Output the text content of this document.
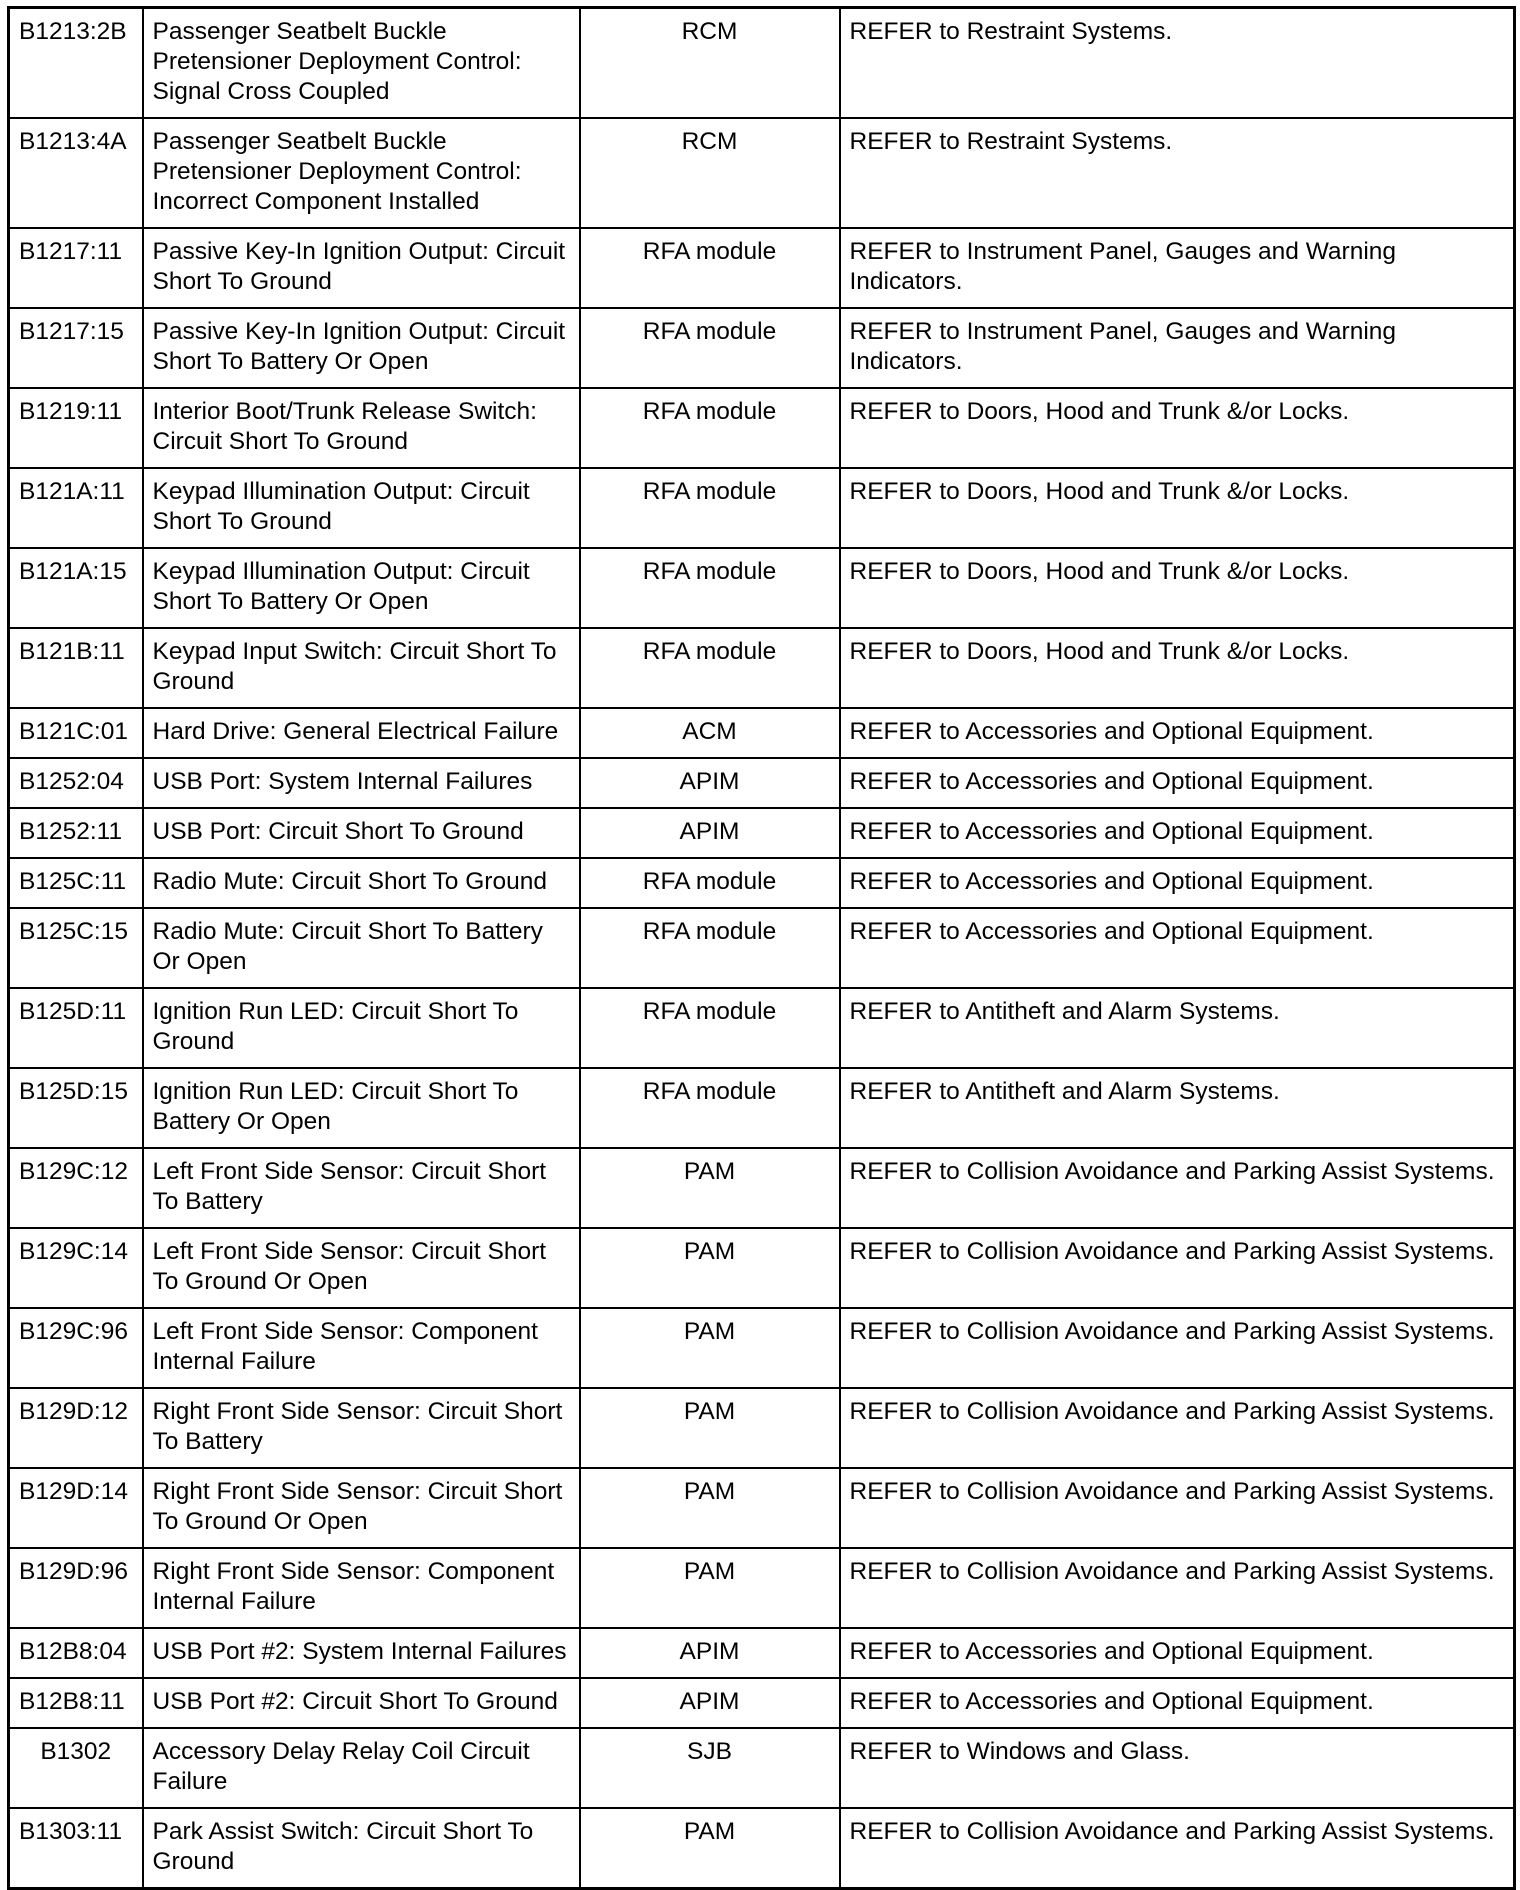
B1213:2B	Passenger Seatbelt Buckle Pretensioner Deployment Control: Signal Cross Coupled	RCM	REFER to Restraint Systems.
B1213:4A	Passenger Seatbelt Buckle Pretensioner Deployment Control: Incorrect Component Installed	RCM	REFER to Restraint Systems.
B1217:11	Passive Key-In Ignition Output: Circuit Short To Ground	RFA module	REFER to Instrument Panel, Gauges and Warning Indicators.
B1217:15	Passive Key-In Ignition Output: Circuit Short To Battery Or Open	RFA module	REFER to Instrument Panel, Gauges and Warning Indicators.
B1219:11	Interior Boot/Trunk Release Switch: Circuit Short To Ground	RFA module	REFER to Doors, Hood and Trunk &/or Locks.
B121A:11	Keypad Illumination Output: Circuit Short To Ground	RFA module	REFER to Doors, Hood and Trunk &/or Locks.
B121A:15	Keypad Illumination Output: Circuit Short To Battery Or Open	RFA module	REFER to Doors, Hood and Trunk &/or Locks.
B121B:11	Keypad Input Switch: Circuit Short To Ground	RFA module	REFER to Doors, Hood and Trunk &/or Locks.
B121C:01	Hard Drive: General Electrical Failure	ACM	REFER to Accessories and Optional Equipment.
B1252:04	USB Port: System Internal Failures	APIM	REFER to Accessories and Optional Equipment.
B1252:11	USB Port: Circuit Short To Ground	APIM	REFER to Accessories and Optional Equipment.
B125C:11	Radio Mute: Circuit Short To Ground	RFA module	REFER to Accessories and Optional Equipment.
B125C:15	Radio Mute: Circuit Short To Battery Or Open	RFA module	REFER to Accessories and Optional Equipment.
B125D:11	Ignition Run LED: Circuit Short To Ground	RFA module	REFER to Antitheft and Alarm Systems.
B125D:15	Ignition Run LED: Circuit Short To Battery Or Open	RFA module	REFER to Antitheft and Alarm Systems.
B129C:12	Left Front Side Sensor: Circuit Short To Battery	PAM	REFER to Collision Avoidance and Parking Assist Systems.
B129C:14	Left Front Side Sensor: Circuit Short To Ground Or Open	PAM	REFER to Collision Avoidance and Parking Assist Systems.
B129C:96	Left Front Side Sensor: Component Internal Failure	PAM	REFER to Collision Avoidance and Parking Assist Systems.
B129D:12	Right Front Side Sensor: Circuit Short To Battery	PAM	REFER to Collision Avoidance and Parking Assist Systems.
B129D:14	Right Front Side Sensor: Circuit Short To Ground Or Open	PAM	REFER to Collision Avoidance and Parking Assist Systems.
B129D:96	Right Front Side Sensor: Component Internal Failure	PAM	REFER to Collision Avoidance and Parking Assist Systems.
B12B8:04	USB Port #2: System Internal Failures	APIM	REFER to Accessories and Optional Equipment.
B12B8:11	USB Port #2: Circuit Short To Ground	APIM	REFER to Accessories and Optional Equipment.
B1302	Accessory Delay Relay Coil Circuit Failure	SJB	REFER to Windows and Glass.
B1303:11	Park Assist Switch: Circuit Short To Ground	PAM	REFER to Collision Avoidance and Parking Assist Systems.
